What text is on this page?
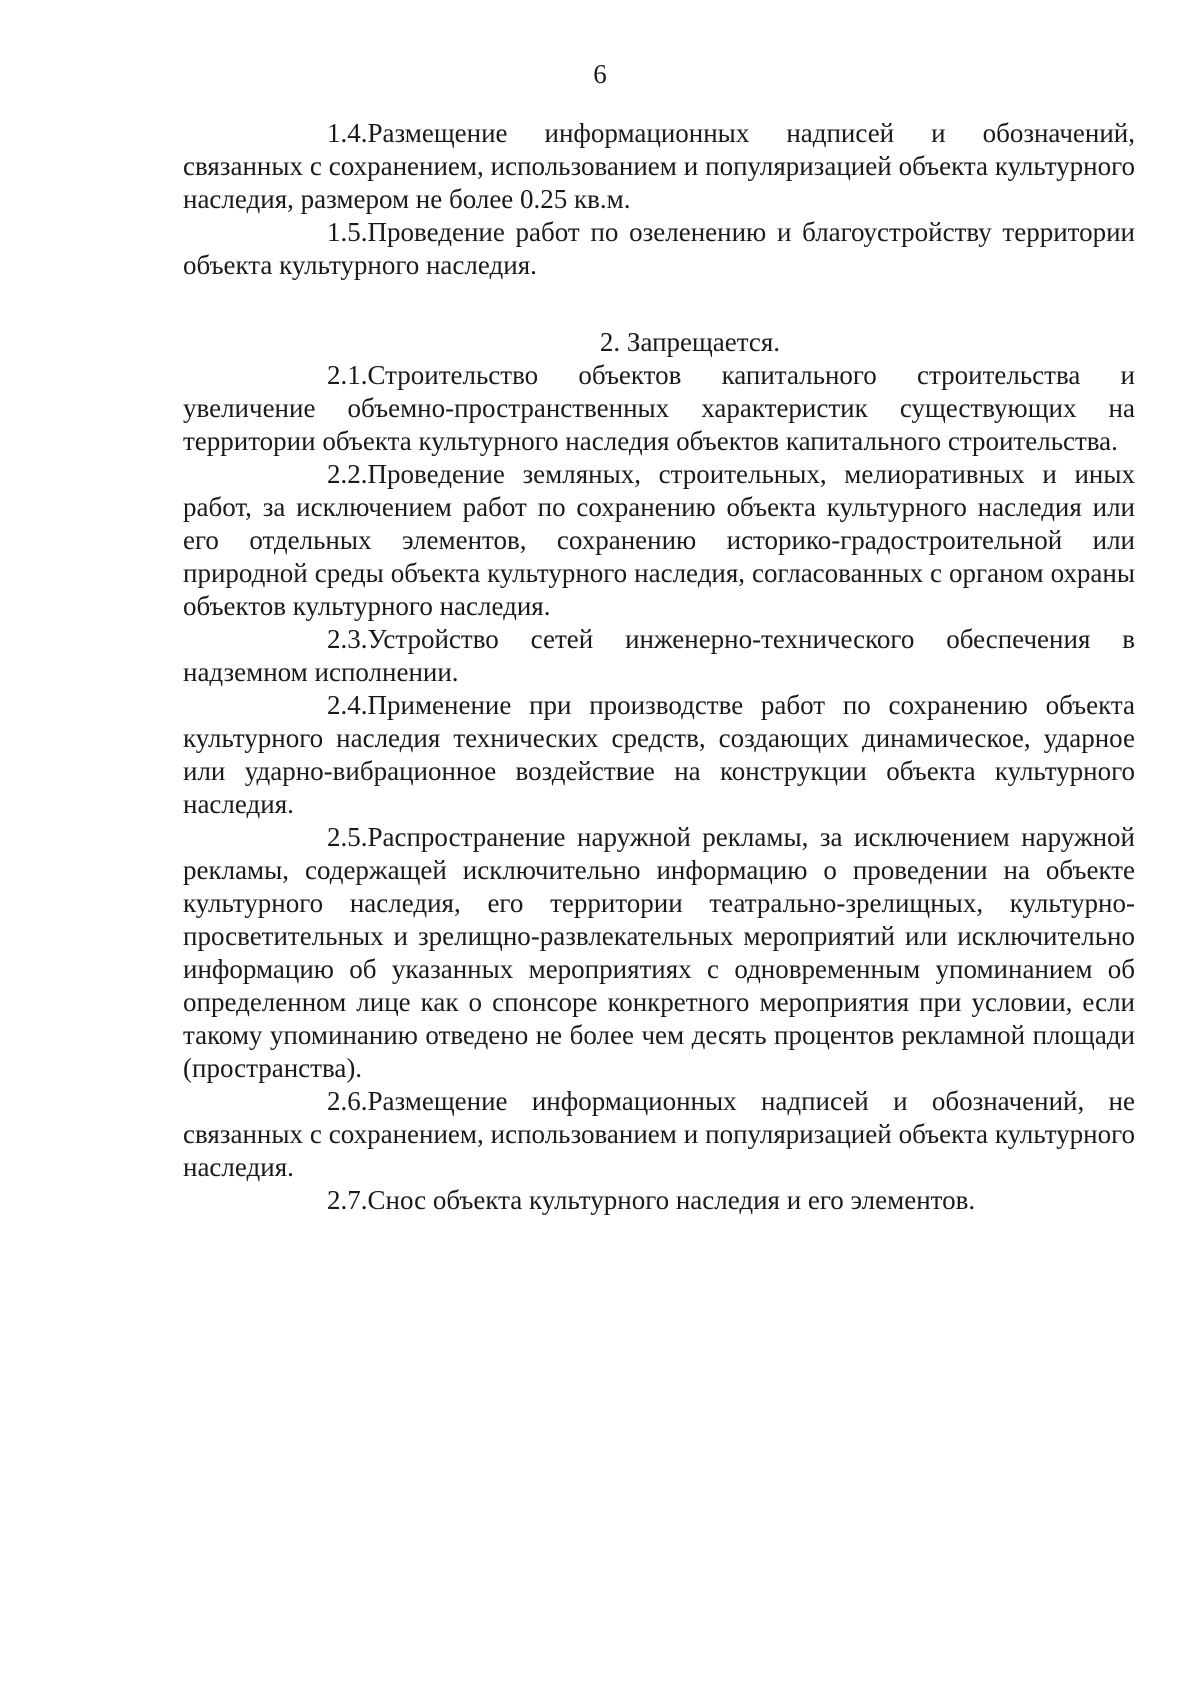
6

1.4.Размещение информационных надписей и обозначений, связанных с сохранением, использованием и популяризацией объекта культурного наследия, размером не более 0.25 кв.м.

1.5.Проведение работ по озеленению и благоустройству территории объекта культурного наследия.

2. Запрещается.

2.1.Строительство объектов капитального строительства и увеличение объемно-пространственных характеристик существующих на территории объекта культурного наследия объектов капитального строительства.

2.2.Проведение земляных, строительных, мелиоративных и иных работ, за исключением работ по сохранению объекта культурного наследия или его отдельных элементов, сохранению историко-градостроительной или природной среды объекта культурного наследия, согласованных с органом охраны объектов культурного наследия.

2.3.Устройство сетей инженерно-технического обеспечения в надземном исполнении.

2.4.Применение при производстве работ по сохранению объекта культурного наследия технических средств, создающих динамическое, ударное или ударно-вибрационное воздействие на конструкции объекта культурного наследия.

2.5.Распространение наружной рекламы, за исключением наружной рекламы, содержащей исключительно информацию о проведении на объекте культурного наследия, его территории театрально-зрелищных, культурно-просветительных и зрелищно-развлекательных мероприятий или исключительно информацию об указанных мероприятиях с одновременным упоминанием об определенном лице как о спонсоре конкретного мероприятия при условии, если такому упоминанию отведено не более чем десять процентов рекламной площади (пространства).

2.6.Размещение информационных надписей и обозначений, не связанных с сохранением, использованием и популяризацией объекта культурного наследия.

2.7.Снос объекта культурного наследия и его элементов.
